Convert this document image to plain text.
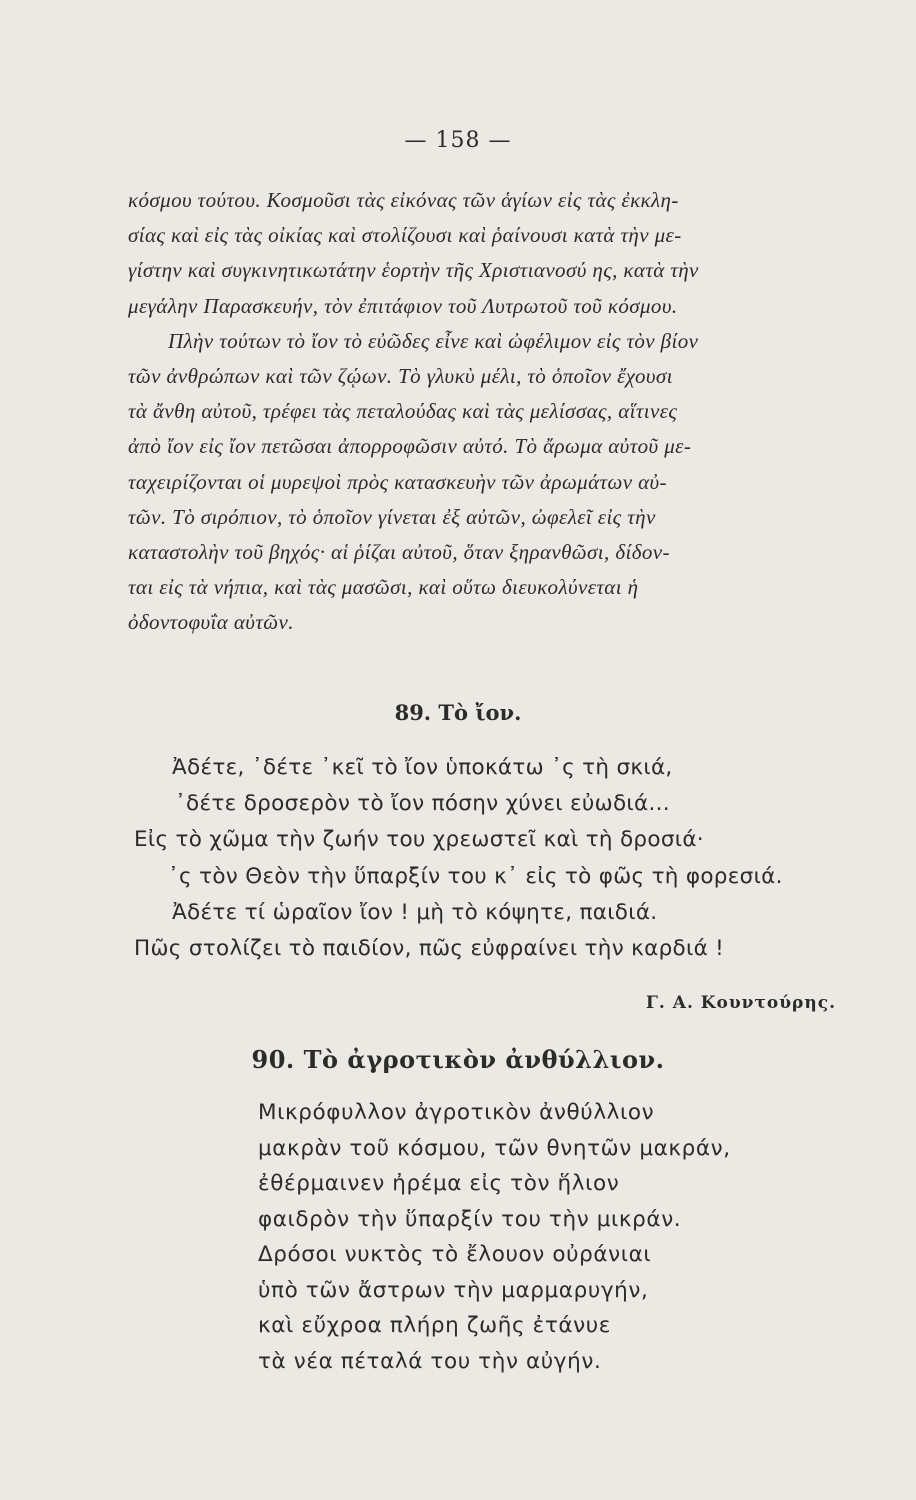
— 158 —
κόσμου τούτου. Κοσμοῦσι τὰς εἰκόνας τῶν ἁγίων εἰς τὰς ἐκκλη-
σίας καὶ εἰς τὰς οἰκίας καὶ στολίζουσι καὶ ῥαίνουσι κατὰ τὴν με-
γίστην καὶ συγκινητικωτάτην ἑορτὴν τῆς Χριστιανοσύ ης, κατὰ τὴν
μεγάλην Παρασκευήν, τὸν ἐπιτάφιον τοῦ Λυτρωτοῦ τοῦ κόσμου.
Πλὴν τούτων τὸ ἴον τὸ εὐῶδες εἶνε καὶ ὠφέλιμον εἰς τὸν βίον
τῶν ἀνθρώπων καὶ τῶν ζῴων. Τὸ γλυκὺ μέλι, τὸ ὁποῖον ἔχουσι
τὰ ἄνθη αὐτοῦ, τρέφει τὰς πεταλούδας καὶ τὰς μελίσσας, αἵτινες
ἀπὸ ἴον εἰς ἴον πετῶσαι ἀπορροφῶσιν αὐτό. Τὸ ἄρωμα αὐτοῦ με-
ταχειρίζονται οἱ μυρεψοὶ πρὸς κατασκευὴν τῶν ἀρωμάτων αὐ-
τῶν. Τὸ σιρόπιον, τὸ ὁποῖον γίνεται ἐξ αὐτῶν, ὠφελεῖ εἰς τὴν
καταστολὴν τοῦ βηχός· αἱ ῥίζαι αὐτοῦ, ὅταν ξηρανθῶσι, δίδον-
ται εἰς τὰ νήπια, καὶ τὰς μασῶσι, καὶ οὕτω διευκολύνεται ἡ
ὀδοντοφυΐα αὐτῶν.
89. Τὸ ἴον.
Ἀδέτε, ᾽δέτε ᾽κεῖ τὸ ἴον ὑποκάτω ᾽ς τὴ σκιά,
᾽δέτε δροσερὸν τὸ ἴον πόσην χύνει εὐωδιά...
Εἰς τὸ χῶμα τὴν ζωήν του χρεωστεῖ καὶ τὴ δροσιά·
᾽ς τὸν Θεὸν τὴν ὕπαρξίν του κ᾽ εἰς τὸ φῶς τὴ φορεσιά.
Ἀδέτε τί ὡραῖον ἴον ! μὴ τὸ κόψητε, παιδιά.
Πῶς στολίζει τὸ παιδίον, πῶς εὐφραίνει τὴν καρδιά !
Γ. Α. Κουντούρης.
90. Τὸ ἀγροτικὸν ἀνθύλλιον.
Μικρόφυλλον ἀγροτικὸν ἀνθύλλιον
μακρὰν τοῦ κόσμου, τῶν θνητῶν μακράν,
ἐθέρμαινεν ἠρέμα εἰς τὸν ἥλιον
φαιδρὸν τὴν ὕπαρξίν του τὴν μικράν.
Δρόσοι νυκτὸς τὸ ἔλουον οὐράνιαι
ὑπὸ τῶν ἄστρων τὴν μαρμαρυγήν,
καὶ εὔχροα πλήρη ζωῆς ἐτάνυε
τὰ νέα πέταλά του τὴν αὐγήν.
